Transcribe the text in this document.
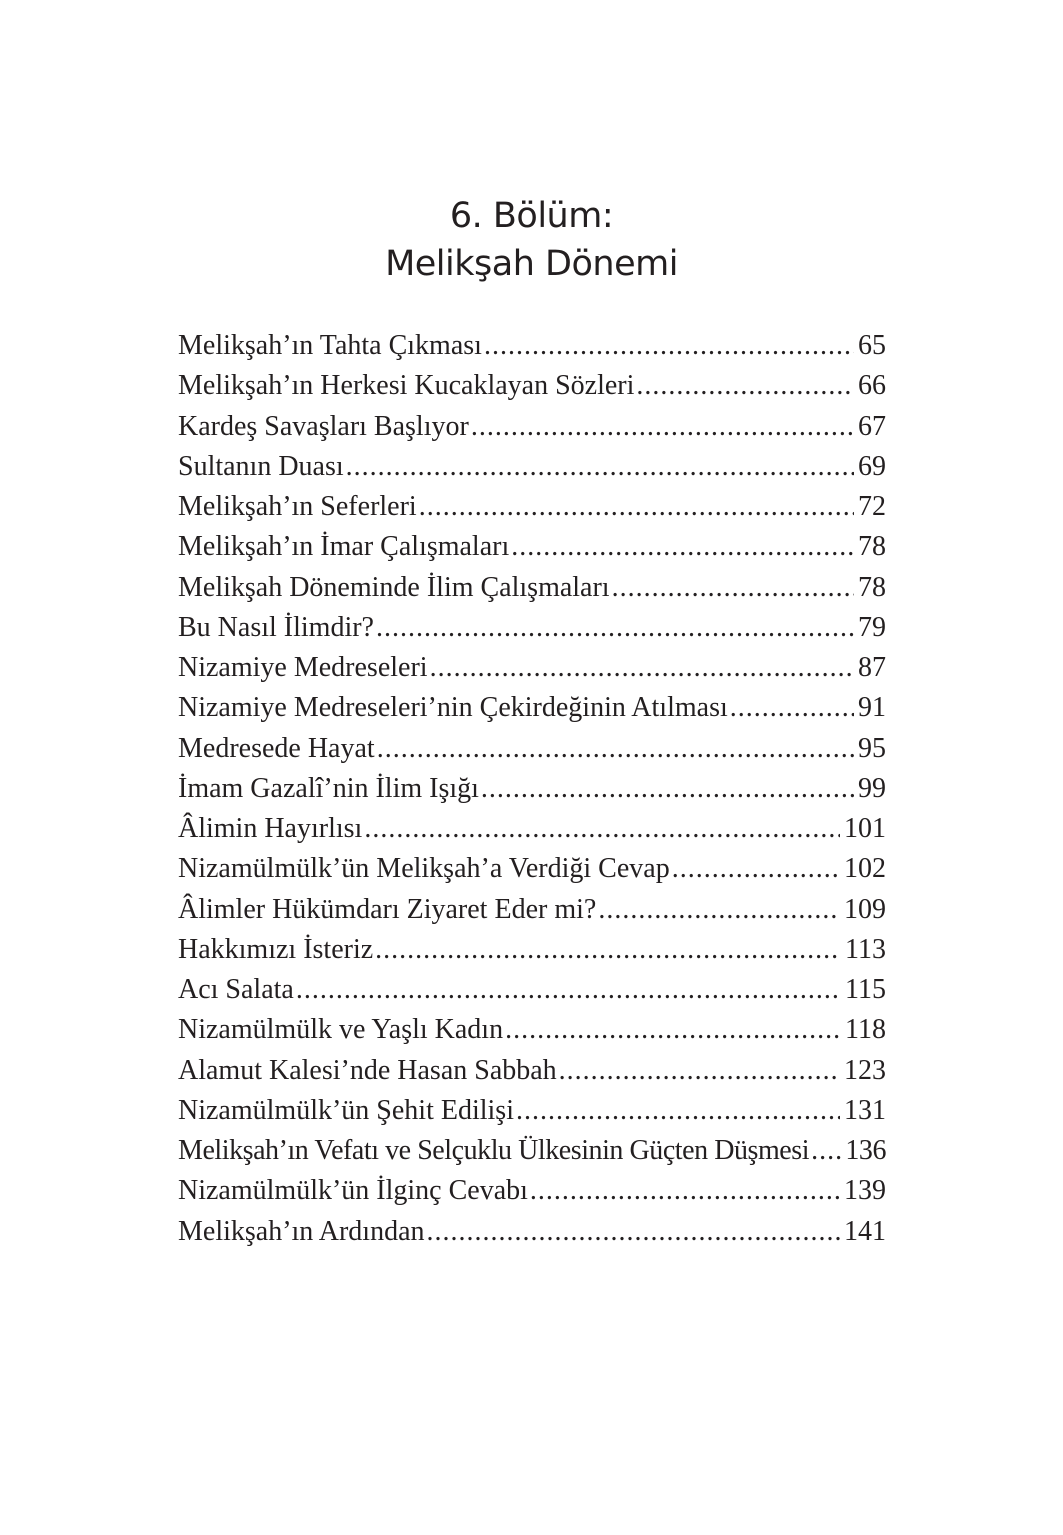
6. Bölüm:
Melikşah Dönemi
Melikşah’ın Tahta Çıkması .....	65
Melikşah’ın Herkesi Kucaklayan Sözleri .....	66
Kardeş Savaşları Başlıyor .....	67
Sultanın Duası .....	69
Melikşah’ın Seferleri .....	72
Melikşah’ın İmar Çalışmaları .....	78
Melikşah Döneminde İlim Çalışmaları .....	78
Bu Nasıl İlimdir? .....	79
Nizamiye Medreseleri .....	87
Nizamiye Medreseleri’nin Çekirdeğinin Atılması .....	91
Medresede Hayat .....	95
İmam Gazalî’nin İlim Işığı .....	99
Âlimin Hayırlısı .....	101
Nizamülmülk’ün Melikşah’a Verdiği Cevap .....	102
Âlimler Hükümdarı Ziyaret Eder mi? .....	109
Hakkımızı İsteriz .....	113
Acı Salata .....	115
Nizamülmülk ve Yaşlı Kadın .....	118
Alamut Kalesi’nde Hasan Sabbah .....	123
Nizamülmülk’ün Şehit Edilişi .....	131
Melikşah’ın Vefatı ve Selçuklu Ülkesinin Güçten Düşmesi ..... 136
Nizamülmülk’ün İlginç Cevabı .....	139
Melikşah’ın Ardından .....	141
